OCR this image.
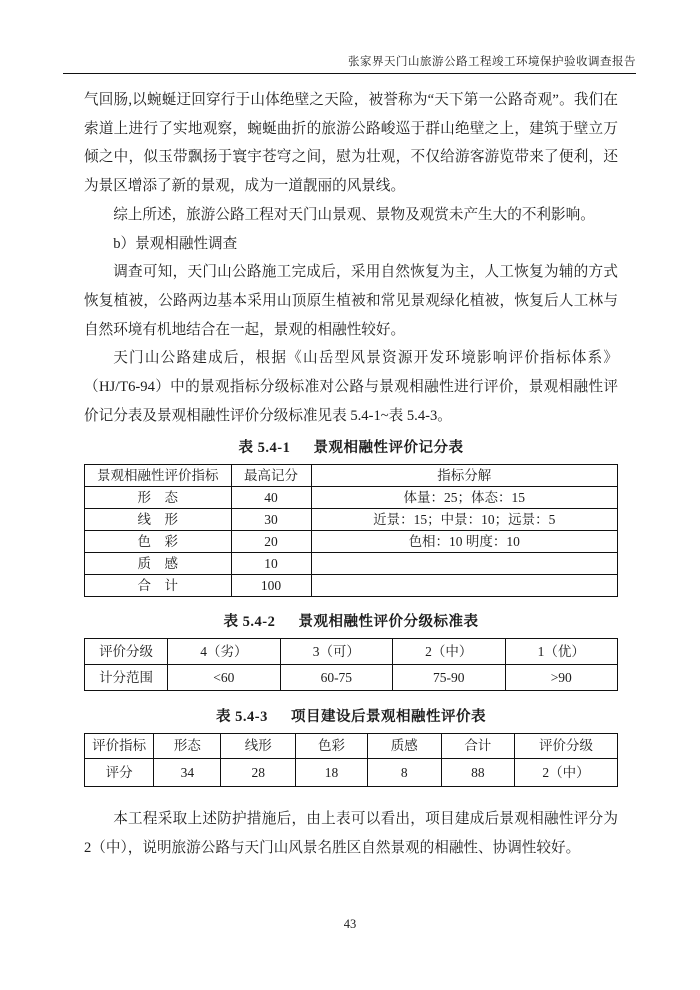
张家界天门山旅游公路工程竣工环境保护验收调查报告

气回肠,以蜿蜒迂回穿行于山体绝壁之天险，被誉称为“天下第一公路奇观”。我们在索道上进行了实地观察，蜿蜒曲折的旅游公路峻巡于群山绝壁之上，建筑于壁立万倾之中，似玉带飘扬于寰宇苍穹之间，慰为壮观，不仅给游客游览带来了便利，还为景区增添了新的景观，成为一道靓丽的风景线。

综上所述，旅游公路工程对天门山景观、景物及观赏未产生大的不利影响。

b）景观相融性调查

调查可知，天门山公路施工完成后，采用自然恢复为主，人工恢复为辅的方式恢复植被，公路两边基本采用山顶原生植被和常见景观绿化植被，恢复后人工林与自然环境有机地结合在一起，景观的相融性较好。

天门山公路建成后，根据《山岳型风景资源开发环境影响评价指标体系》（HJ/T6-94）中的景观指标分级标准对公路与景观相融性进行评价，景观相融性评价记分表及景观相融性评价分级标准见表 5.4-1~表 5.4-3。

表 5.4-1 景观相融性评价记分表
景观相融性评价指标	最高记分	指标分解
形　态	40	体量：25；体态：15
线　形	30	近景：15；中景：10；远景：5
色　彩	20	色相：10 明度：10
质　感	10	
合　计	100	
表 5.4-2 景观相融性评价分级标准表
评价分级	4（劣）	3（可）	2（中）	1（优）
计分范围	<60	60-75	75-90	>90
表 5.4-3 项目建设后景观相融性评价表
评价指标	形态	线形	色彩	质感	合计	评价分级
评分	34	28	18	8	88	2（中）

本工程采取上述防护措施后，由上表可以看出，项目建成后景观相融性评分为 2（中），说明旅游公路与天门山风景名胜区自然景观的相融性、协调性较好。

43
